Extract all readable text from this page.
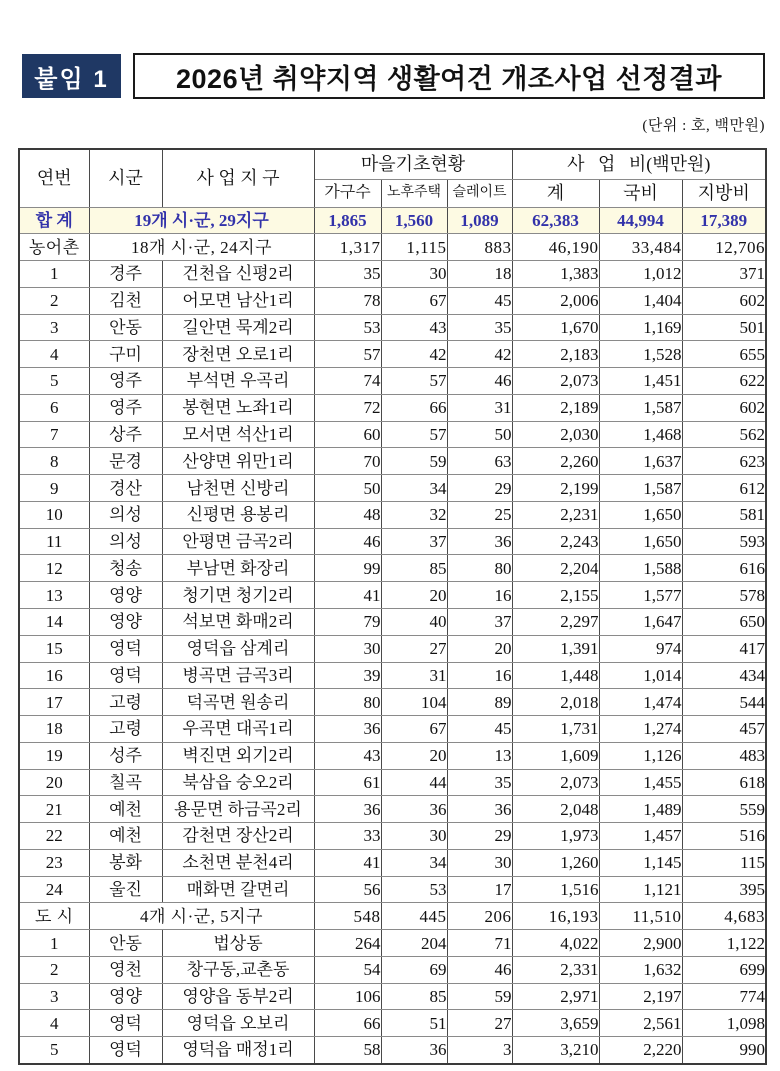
붙임 1 2026년 취약지역 생활여건 개조사업 선정결과
(단위 : 호, 백만원)
연번	시군	사 업 지 구	마을기초현황			사   업   비(백만원)		
			가구수	노후주택	슬레이트	계	국비	지방비
합 계	19개 시·군, 29지구		1,865	1,560	1,089	62,383	44,994	17,389
농어촌	18개 시·군, 24지구		1,317	1,115	883	46,190	33,484	12,706
1	경주	건천읍 신평2리	35	30	18	1,383	1,012	371
2	김천	어모면 남산1리	78	67	45	2,006	1,404	602
3	안동	길안면 묵계2리	53	43	35	1,670	1,169	501
4	구미	장천면 오로1리	57	42	42	2,183	1,528	655
5	영주	부석면 우곡리	74	57	46	2,073	1,451	622
6	영주	봉현면 노좌1리	72	66	31	2,189	1,587	602
7	상주	모서면 석산1리	60	57	50	2,030	1,468	562
8	문경	산양면 위만1리	70	59	63	2,260	1,637	623
9	경산	남천면 신방리	50	34	29	2,199	1,587	612
10	의성	신평면 용봉리	48	32	25	2,231	1,650	581
11	의성	안평면 금곡2리	46	37	36	2,243	1,650	593
12	청송	부남면 화장리	99	85	80	2,204	1,588	616
13	영양	청기면 청기2리	41	20	16	2,155	1,577	578
14	영양	석보면 화매2리	79	40	37	2,297	1,647	650
15	영덕	영덕읍 삼계리	30	27	20	1,391	974	417
16	영덕	병곡면 금곡3리	39	31	16	1,448	1,014	434
17	고령	덕곡면 원송리	80	104	89	2,018	1,474	544
18	고령	우곡면 대곡1리	36	67	45	1,731	1,274	457
19	성주	벽진면 외기2리	43	20	13	1,609	1,126	483
20	칠곡	북삼읍 숭오2리	61	44	35	2,073	1,455	618
21	예천	용문면 하금곡2리	36	36	36	2,048	1,489	559
22	예천	감천면 장산2리	33	30	29	1,973	1,457	516
23	봉화	소천면 분천4리	41	34	30	1,260	1,145	115
24	울진	매화면 갈면리	56	53	17	1,516	1,121	395
도 시	4개 시·군, 5지구		548	445	206	16,193	11,510	4,683
1	안동	법상동	264	204	71	4,022	2,900	1,122
2	영천	창구동,교촌동	54	69	46	2,331	1,632	699
3	영양	영양읍 동부2리	106	85	59	2,971	2,197	774
4	영덕	영덕읍 오보리	66	51	27	3,659	2,561	1,098
5	영덕	영덕읍 매정1리	58	36	3	3,210	2,220	990
